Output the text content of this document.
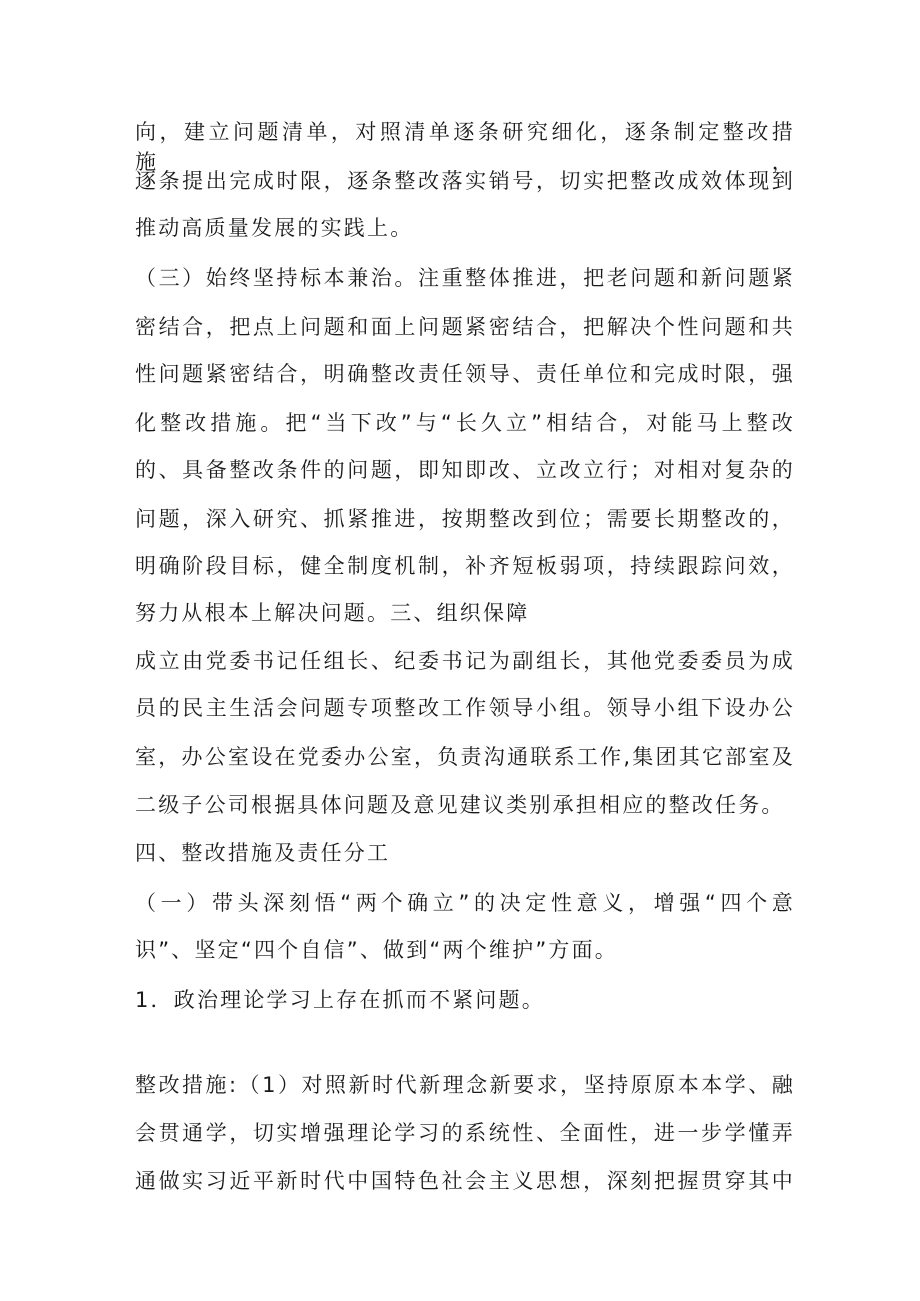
向，建立问题清单，对照清单逐条研究细化，逐条制定整改措施，
逐条提出完成时限，逐条整改落实销号，切实把整改成效体现到
推动高质量发展的实践上。
（三）始终坚持标本兼治。注重整体推进，把老问题和新问题紧
密结合，把点上问题和面上问题紧密结合，把解决个性问题和共
性问题紧密结合，明确整改责任领导、责任单位和完成时限，强
化整改措施。把“当下改”与“长久立”相结合，对能马上整改
的、具备整改条件的问题，即知即改、立改立行；对相对复杂的
问题，深入研究、抓紧推进，按期整改到位；需要长期整改的，
明确阶段目标，健全制度机制，补齐短板弱项，持续跟踪问效，
努力从根本上解决问题。三、组织保障
成立由党委书记任组长、纪委书记为副组长，其他党委委员为成
员的民主生活会问题专项整改工作领导小组。领导小组下设办公
室，办公室设在党委办公室，负责沟通联系工作,集团其它部室及
二级子公司根据具体问题及意见建议类别承担相应的整改任务。
四、整改措施及责任分工
（一）带头深刻悟“两个确立”的决定性意义，增强“四个意
识”、坚定“四个自信”、做到“两个维护”方面。
1．政治理论学习上存在抓而不紧问题。
整改措施:（1）对照新时代新理念新要求，坚持原原本本学、融
会贯通学，切实增强理论学习的系统性、全面性，进一步学懂弄
通做实习近平新时代中国特色社会主义思想，深刻把握贯穿其中
